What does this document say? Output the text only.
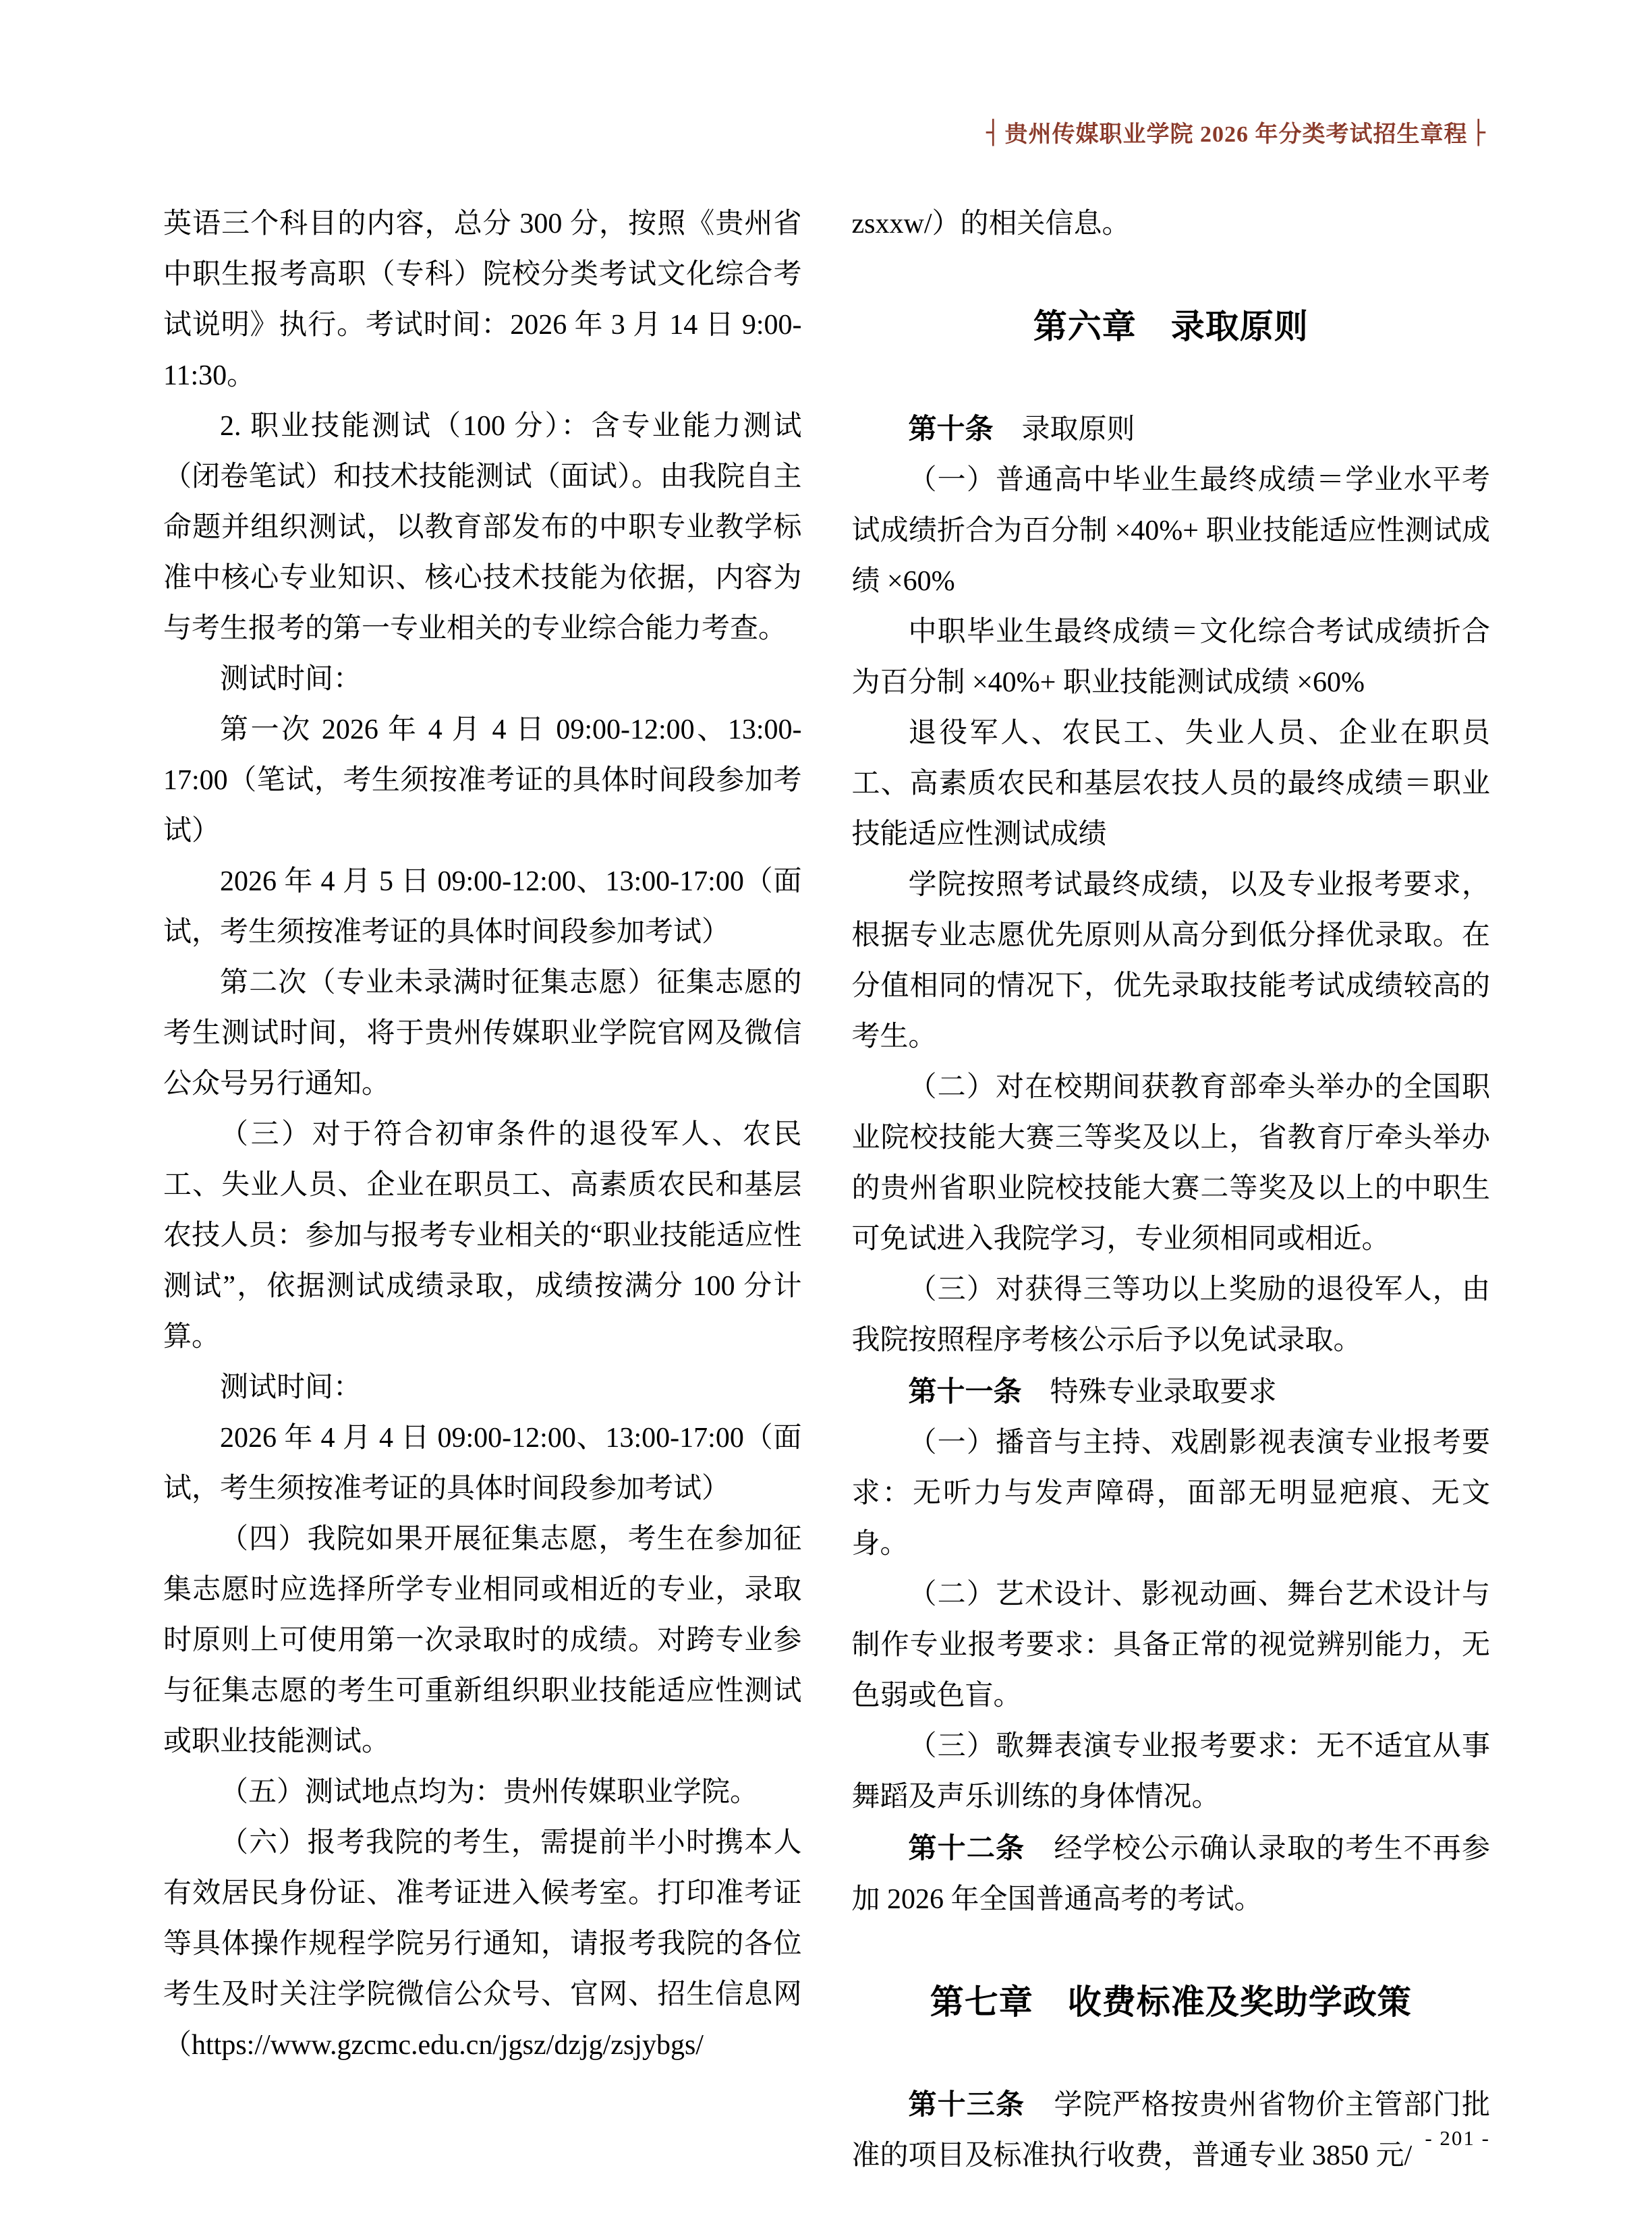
┤ 贵州传媒职业学院 2026 年分类考试招生章程 ├

英语三个科目的内容，总分 300 分，按照《贵州省中职生报考高职（专科）院校分类考试文化综合考试说明》执行。考试时间：2026 年 3 月 14 日 9:00-11:30。

2. 职业技能测试（100 分）：含专业能力测试（闭卷笔试）和技术技能测试（面试）。由我院自主命题并组织测试，以教育部发布的中职专业教学标准中核心专业知识、核心技术技能为依据，内容为与考生报考的第一专业相关的专业综合能力考查。

测试时间：

第一次 2026 年 4 月 4 日 09:00-12:00、13:00-17:00（笔试，考生须按准考证的具体时间段参加考试）

2026 年 4 月 5 日 09:00-12:00、13:00-17:00（面试，考生须按准考证的具体时间段参加考试）

第二次（专业未录满时征集志愿）征集志愿的考生测试时间，将于贵州传媒职业学院官网及微信公众号另行通知。

（三）对于符合初审条件的退役军人、农民工、失业人员、企业在职员工、高素质农民和基层农技人员：参加与报考专业相关的“职业技能适应性测试”，依据测试成绩录取，成绩按满分 100 分计算。

测试时间：

2026 年 4 月 4 日 09:00-12:00、13:00-17:00（面试，考生须按准考证的具体时间段参加考试）

（四）我院如果开展征集志愿，考生在参加征集志愿时应选择所学专业相同或相近的专业，录取时原则上可使用第一次录取时的成绩。对跨专业参与征集志愿的考生可重新组织职业技能适应性测试或职业技能测试。

（五）测试地点均为：贵州传媒职业学院。

（六）报考我院的考生，需提前半小时携本人有效居民身份证、准考证进入候考室。打印准考证等具体操作规程学院另行通知，请报考我院的各位考生及时关注学院微信公众号、官网、招生信息网（https://www.gzcmc.edu.cn/jgsz/dzjg/zsjybgs/

zsxxw/）的相关信息。

第六章　录取原则

第十条　录取原则

（一）普通高中毕业生最终成绩＝学业水平考试成绩折合为百分制 ×40%+ 职业技能适应性测试成绩 ×60%

中职毕业生最终成绩＝文化综合考试成绩折合为百分制 ×40%+ 职业技能测试成绩 ×60%

退役军人、农民工、失业人员、企业在职员工、高素质农民和基层农技人员的最终成绩＝职业技能适应性测试成绩

学院按照考试最终成绩，以及专业报考要求，根据专业志愿优先原则从高分到低分择优录取。在分值相同的情况下，优先录取技能考试成绩较高的考生。

（二）对在校期间获教育部牵头举办的全国职业院校技能大赛三等奖及以上，省教育厅牵头举办的贵州省职业院校技能大赛二等奖及以上的中职生可免试进入我院学习，专业须相同或相近。

（三）对获得三等功以上奖励的退役军人，由我院按照程序考核公示后予以免试录取。

第十一条　特殊专业录取要求

（一）播音与主持、戏剧影视表演专业报考要求：无听力与发声障碍，面部无明显疤痕、无文身。

（二）艺术设计、影视动画、舞台艺术设计与制作专业报考要求：具备正常的视觉辨别能力，无色弱或色盲。

（三）歌舞表演专业报考要求：无不适宜从事舞蹈及声乐训练的身体情况。

第十二条　经学校公示确认录取的考生不再参加 2026 年全国普通高考的考试。

第七章　收费标准及奖助学政策

第十三条　学院严格按贵州省物价主管部门批准的项目及标准执行收费，普通专业 3850 元/

- 201 -
